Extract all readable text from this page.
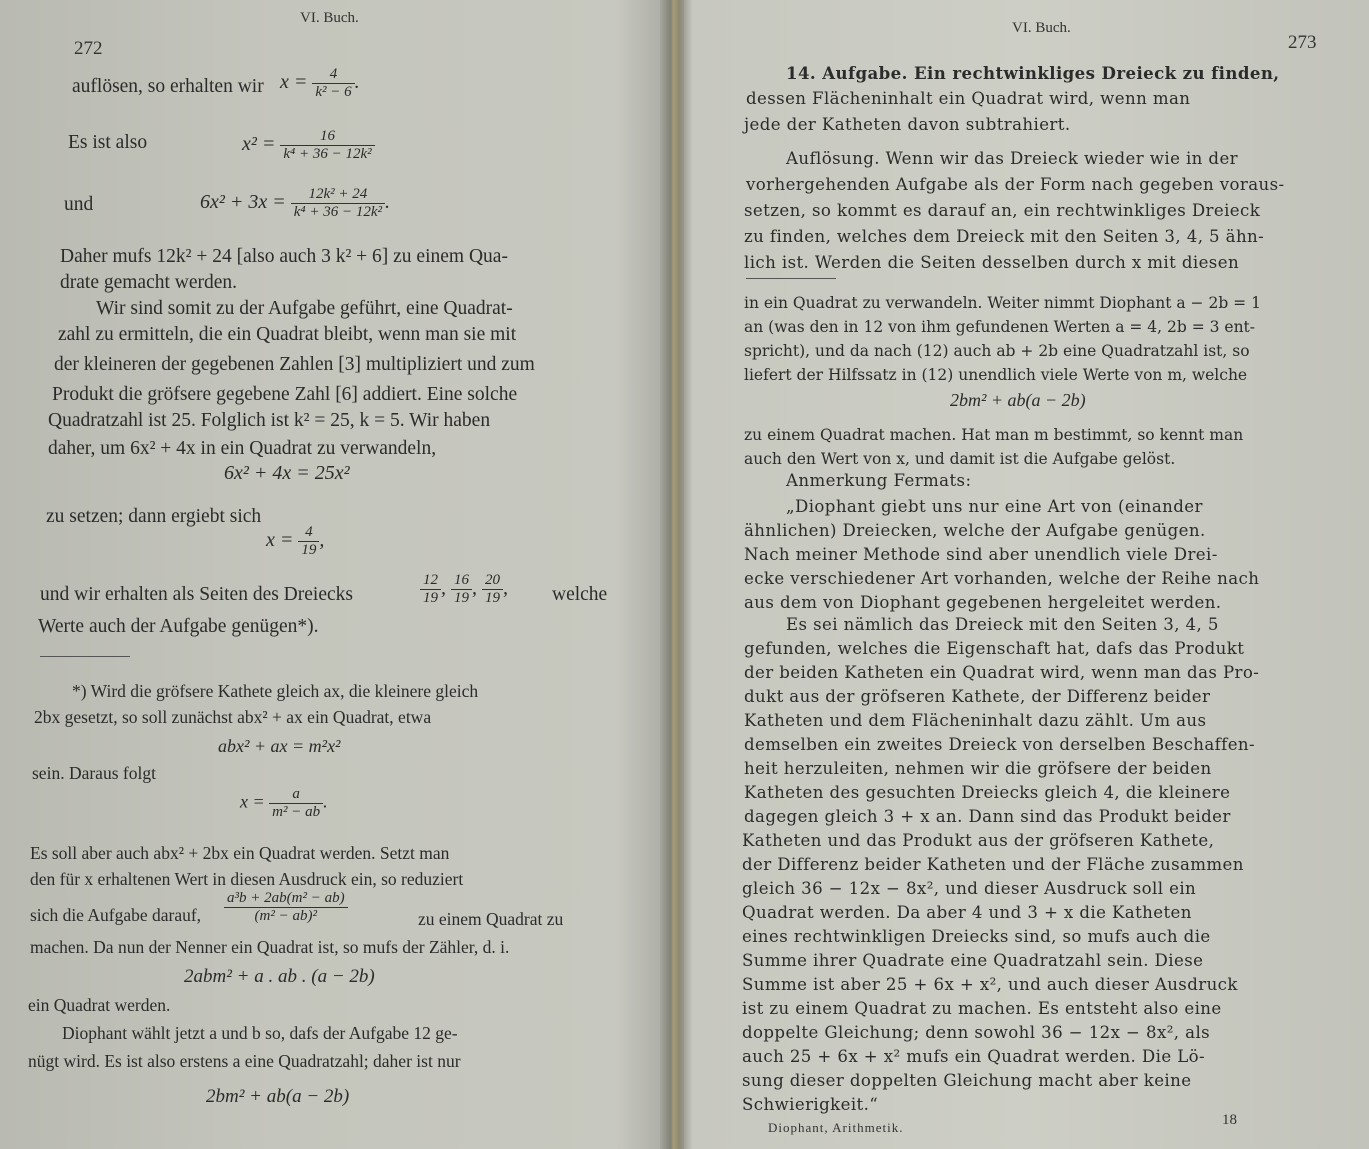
VI. Buch.
272
auflösen, so erhalten wir $x = \frac{4}{\text{k² − 6}}$ .
Es ist also	$x^2 = \frac{16}{\text{k⁴ + 36 − 12k²}}$
und	$6x^2 + 3x = \frac{\text{12k² + 24}}{\text{k⁴ + 36 − 12k²}}$ .
Daher mufs 12k² + 24 [also auch 3 k² + 6] zu einem Qua-
drate gemacht werden.
Wir sind somit zu der Aufgabe geführt, eine Quadrat-
zahl zu ermitteln, die ein Quadrat bleibt, wenn man sie mit
der kleineren der gegebenen Zahlen [3] multipliziert und zum
Produkt die gröfsere gegebene Zahl [6] addiert. Eine solche
Quadratzahl ist 25. Folglich ist k² = 25, k = 5. Wir haben
daher, um 6x² + 4x in ein Quadrat zu verwandeln,
6x² + 4x = 25x²
zu setzen; dann ergiebt sich
$x = \frac{4}{19}$ ,
und wir erhalten als Seiten des Dreiecks	$\frac{12}{19}$ , $\frac{16}{19}$ , $\frac{20}{19}$ , welche
Werte auch der Aufgabe genügen*).
*) Wird die gröfsere Kathete gleich ax, die kleinere gleich
2bx gesetzt, so soll zunächst abx² + ax ein Quadrat, etwa
abx² + ax = m²x²
sein. Daraus folgt
$x = \frac{a}{\text{m² − ab}}$ .
Es soll aber auch abx² + 2bx ein Quadrat werden. Setzt man
den für x erhaltenen Wert in diesen Ausdruck ein, so reduziert
sich die Aufgabe darauf, $\frac{\text{a³b + 2ab(m² − ab)}}{\text{(m² − ab)²}}$	zu einem Quadrat zu
machen. Da nun der Nenner ein Quadrat ist, so mufs der Zähler, d. i.
2abm² + a . ab . (a − 2b)
ein Quadrat werden.
Diophant wählt jetzt a und b so, dafs der Aufgabe 12 ge-
nügt wird. Es ist also erstens a eine Quadratzahl; daher ist nur
2bm² + ab(a − 2b)
VI. Buch.
273
14. Aufgabe. Ein rechtwinkliges Dreieck zu finden,
dessen Flächeninhalt ein Quadrat wird, wenn man
jede der Katheten davon subtrahiert.
Auflösung. Wenn wir das Dreieck wieder wie in der
vorhergehenden Aufgabe als der Form nach gegeben voraus-
setzen, so kommt es darauf an, ein rechtwinkliges Dreieck
zu finden, welches dem Dreieck mit den Seiten 3, 4, 5 ähn-
lich ist. Werden die Seiten desselben durch x mit diesen
in ein Quadrat zu verwandeln. Weiter nimmt Diophant a − 2b = 1
an (was den in 12 von ihm gefundenen Werten a = 4, 2b = 3 ent-
spricht), und da nach (12) auch ab + 2b eine Quadratzahl ist, so
liefert der Hilfssatz in (12) unendlich viele Werte von m, welche
2bm² + ab(a − 2b)
zu einem Quadrat machen. Hat man m bestimmt, so kennt man
auch den Wert von x, und damit ist die Aufgabe gelöst.
Anmerkung Fermats:
„Diophant giebt uns nur eine Art von (einander
ähnlichen) Dreiecken, welche der Aufgabe genügen.
Nach meiner Methode sind aber unendlich viele Drei-
ecke verschiedener Art vorhanden, welche der Reihe nach
aus dem von Diophant gegebenen hergeleitet werden.
Es sei nämlich das Dreieck mit den Seiten 3, 4, 5
gefunden, welches die Eigenschaft hat, dafs das Produkt
der beiden Katheten ein Quadrat wird, wenn man das Pro-
dukt aus der gröfseren Kathete, der Differenz beider
Katheten und dem Flächeninhalt dazu zählt. Um aus
demselben ein zweites Dreieck von derselben Beschaffen-
heit herzuleiten, nehmen wir die gröfsere der beiden
Katheten des gesuchten Dreiecks gleich 4, die kleinere
dagegen gleich 3 + x an. Dann sind das Produkt beider
Katheten und das Produkt aus der gröfseren Kathete,
der Differenz beider Katheten und der Fläche zusammen
gleich 36 − 12x − 8x², und dieser Ausdruck soll ein
Quadrat werden. Da aber 4 und 3 + x die Katheten
eines rechtwinkligen Dreiecks sind, so mufs auch die
Summe ihrer Quadrate eine Quadratzahl sein. Diese
Summe ist aber 25 + 6x + x², und auch dieser Ausdruck
ist zu einem Quadrat zu machen. Es entsteht also eine
doppelte Gleichung; denn sowohl 36 − 12x − 8x², als
auch 25 + 6x + x² mufs ein Quadrat werden. Die Lö-
sung dieser doppelten Gleichung macht aber keine
Schwierigkeit.“
Diophant, Arithmetik.	18
